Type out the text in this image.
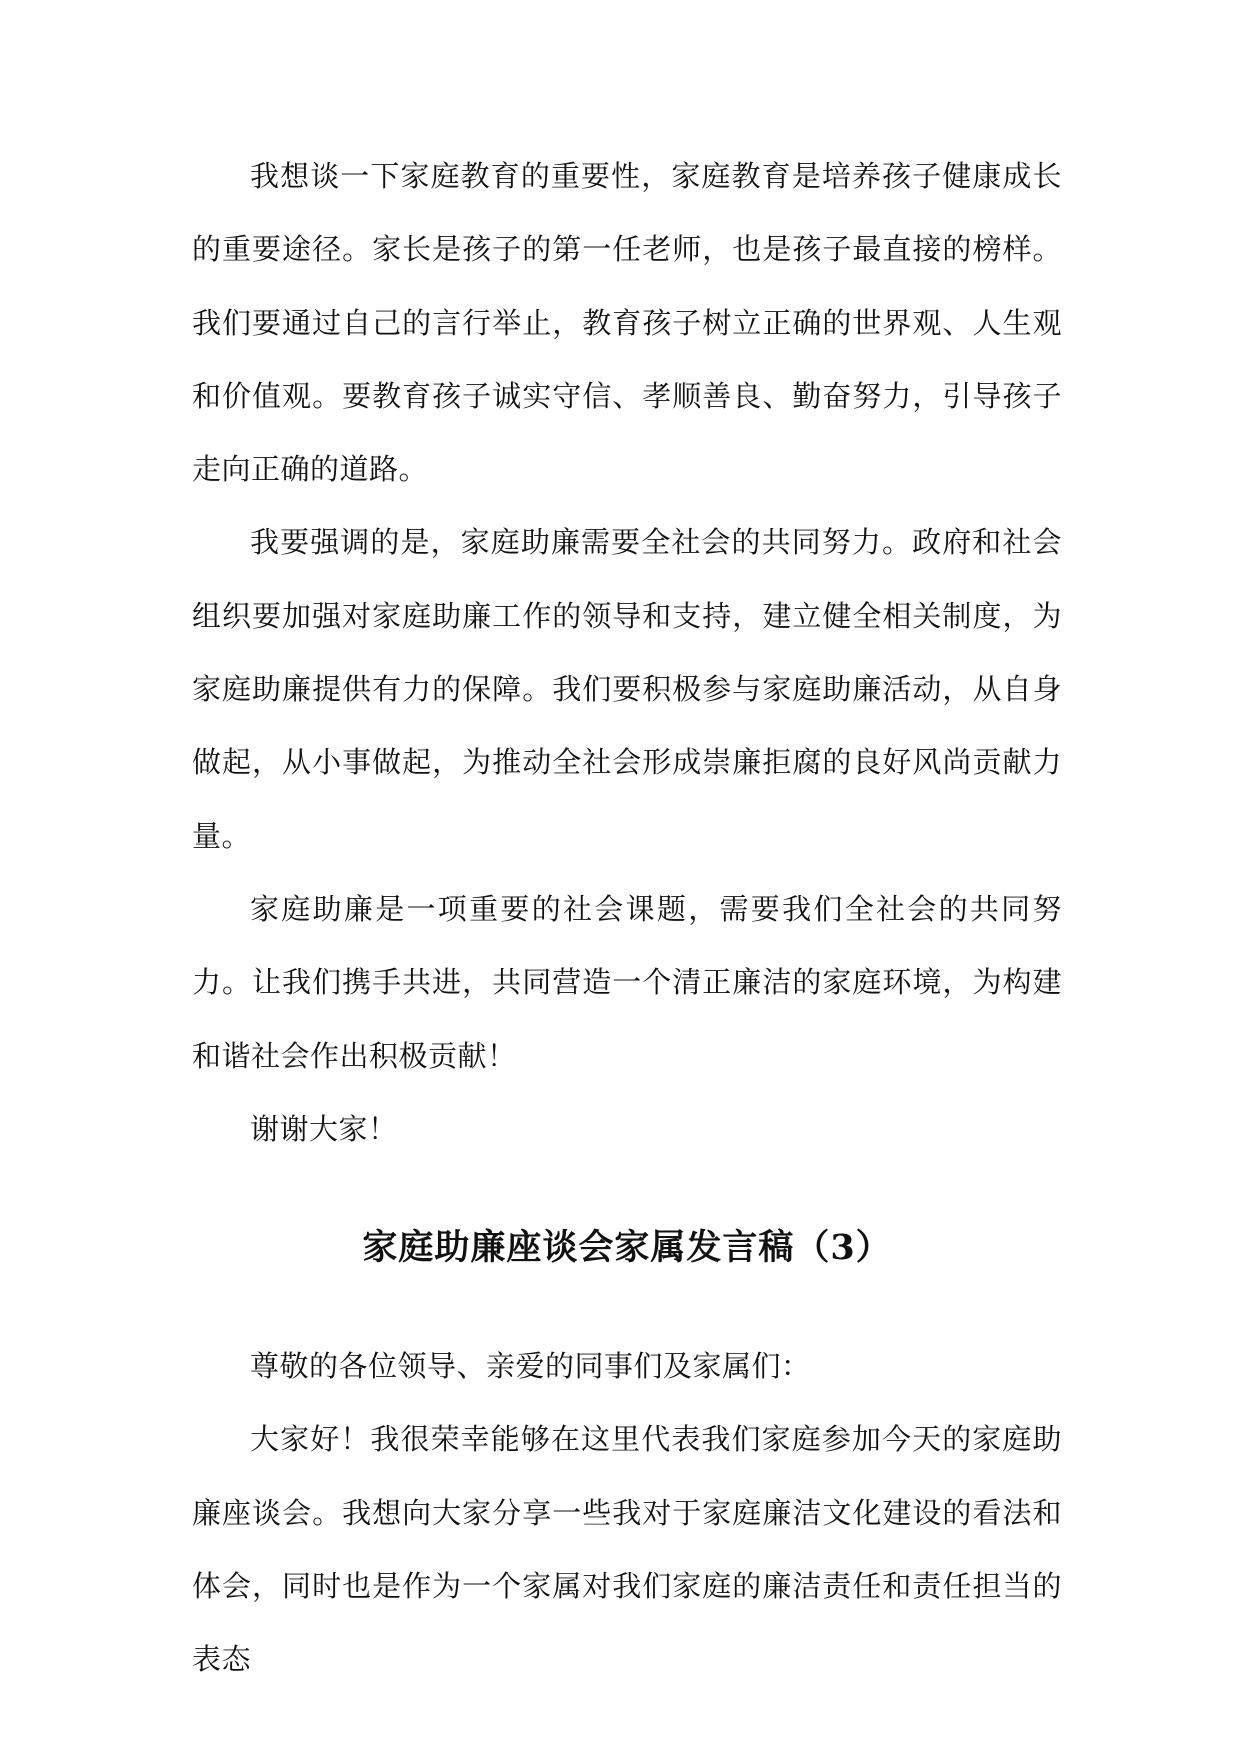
我想谈一下家庭教育的重要性，家庭教育是培养孩子健康成长的重要途径。家长是孩子的第一任老师，也是孩子最直接的榜样。我们要通过自己的言行举止，教育孩子树立正确的世界观、人生观和价值观。要教育孩子诚实守信、孝顺善良、勤奋努力，引导孩子走向正确的道路。

我要强调的是，家庭助廉需要全社会的共同努力。政府和社会组织要加强对家庭助廉工作的领导和支持，建立健全相关制度，为家庭助廉提供有力的保障。我们要积极参与家庭助廉活动，从自身做起，从小事做起，为推动全社会形成崇廉拒腐的良好风尚贡献力量。

家庭助廉是一项重要的社会课题，需要我们全社会的共同努力。让我们携手共进，共同营造一个清正廉洁的家庭环境，为构建和谐社会作出积极贡献！

谢谢大家！

家庭助廉座谈会家属发言稿（3）

尊敬的各位领导、亲爱的同事们及家属们：

大家好！我很荣幸能够在这里代表我们家庭参加今天的家庭助廉座谈会。我想向大家分享一些我对于家庭廉洁文化建设的看法和体会，同时也是作为一个家属对我们家庭的廉洁责任和责任担当的表态
